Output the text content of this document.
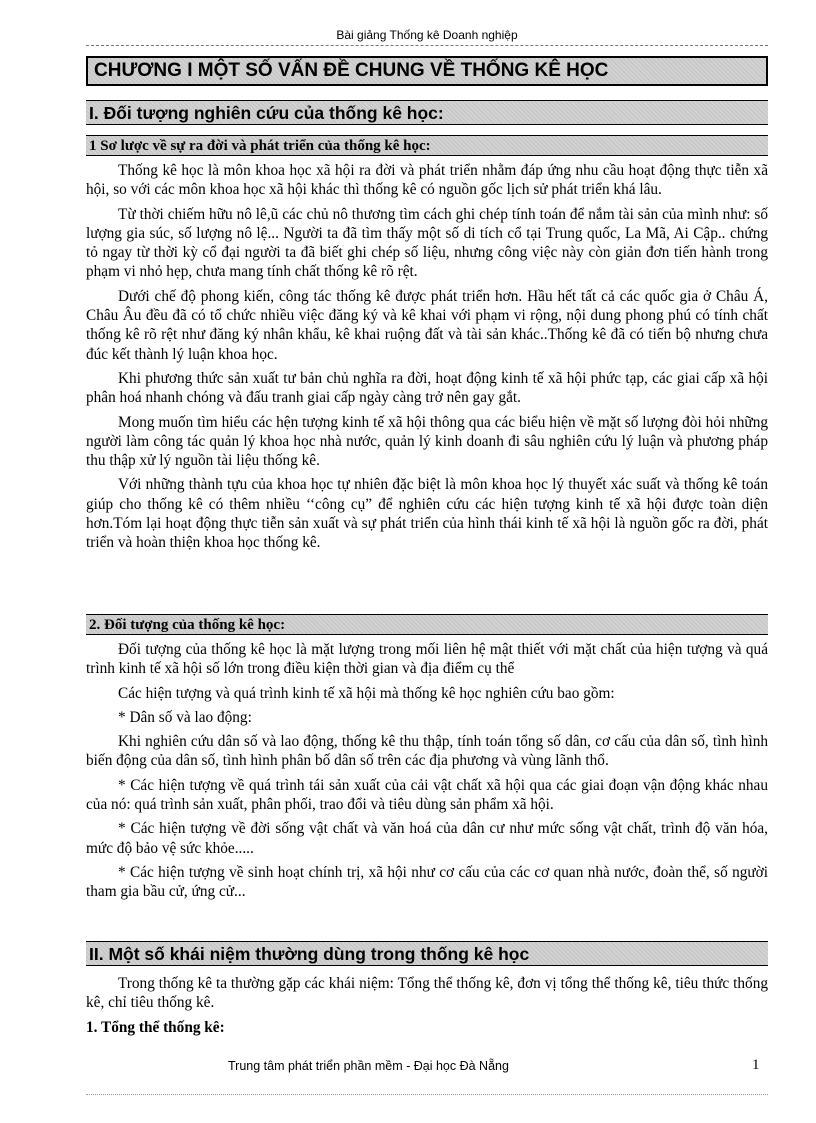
Bài giảng Thống kê Doanh nghiệp
CHƯƠNG I MỘT SỐ VẤN ĐỀ CHUNG VỀ THỐNG KÊ HỌC
I. Đối tượng nghiên cứu của thống kê học:
1 Sơ lược về sự ra đời và phát triển của thống kê học:

Thống kê học là môn khoa học xã hội ra đời và phát triển nhằm đáp ứng nhu cầu hoạt động thực tiễn xã hội, so với các môn khoa học xã hội khác thì thống kê có nguồn gốc lịch sử phát triển khá lâu.

Từ thời chiếm hữu nô lê,ũ các chủ nô thương tìm cách ghi chép tính toán để nắm tài sản của mình như: số lượng gia súc, số lượng nô lệ... Người ta đã tìm thấy một số di tích cổ tại Trung quốc, La Mã, Ai Cập.. chứng tỏ ngay từ thời kỳ cổ đại người ta đã biết ghi chép số liệu, nhưng công việc này còn giản đơn tiến hành trong phạm vi nhỏ hẹp, chưa mang tính chất thống kê rõ rệt.

Dưới chế độ phong kiến, công tác thống kê được phát triển hơn. Hầu hết tất cả các quốc gia ở Châu Á, Châu Âu đều đã có tổ chức nhiều việc đăng ký và kê khai với phạm vi rộng, nội dung phong phú có tính chất thống kê rõ rệt như đăng ký nhân khẩu, kê khai ruộng đất và tài sản khác..Thống kê đã có tiến bộ nhưng chưa đúc kết thành lý luận khoa học.

Khi phương thức sản xuất tư bản chủ nghĩa ra đời, hoạt động kinh tế xã hội phức tạp, các giai cấp xã hội phân hoá nhanh chóng và đấu tranh giai cấp ngày càng trở nên gay gắt.

Mong muốn tìm hiểu các hện tượng kinh tế xã hội thông qua các biểu hiện về mặt số lượng đòi hỏi những người làm công tác quản lý khoa học nhà nước, quản lý kinh doanh đi sâu nghiên cứu lý luận và phương pháp thu thập xử lý nguồn tài liệu thống kê.

Với những thành tựu của khoa học tự nhiên đặc biệt là môn khoa học lý thuyết xác suất và thống kê toán giúp cho thống kê có thêm nhiều ‘‘công cụ” để nghiên cứu các hiện tượng kinh tế xã hội được toàn diện hơn.Tóm lại hoạt động thực tiễn sản xuất và sự phát triển của hình thái kinh tế xã hội là nguồn gốc ra đời, phát triển và hoàn thiện khoa học thống kê.

2. Đối tượng của thống kê học:

Đối tượng của thống kê học là mặt lượng trong mối liên hệ mật thiết với mặt chất của hiện tượng và quá trình kinh tế xã hội số lớn trong điều kiện thời gian và địa điểm cụ thể

Các hiện tượng và quá trình kinh tế xã hội mà thống kê học nghiên cứu bao gồm:

* Dân số và lao động:

Khi nghiên cứu dân số và lao động, thống kê thu thập, tính toán tổng số dân, cơ cấu của dân số, tình hình biến động của dân số, tình hình phân bố dân số trên các địa phương và vùng lãnh thổ.

* Các hiện tượng về quá trình tái sản xuất của cải vật chất xã hội qua các giai đoạn vận động khác nhau của nó: quá trình sản xuất, phân phối, trao đổi và tiêu dùng sản phẩm xã hội.

* Các hiện tượng về đời sống vật chất và văn hoá của dân cư như mức sống vật chất, trình độ văn hóa, mức độ bảo vệ sức khỏe.....

* Các hiện tượng về sinh hoạt chính trị, xã hội như cơ cấu của các cơ quan nhà nước, đoàn thể, số người tham gia bầu cử, ứng cử...

II. Một số khái niệm thường dùng trong thống kê học

Trong thống kê ta thường gặp các khái niệm: Tổng thể thống kê, đơn vị tổng thể thống kê, tiêu thức thống kê, chỉ tiêu thống kê.

1. Tổng thể thống kê:
Trung tâm phát triển phần mềm - Đại học Đà Nẵng	1
